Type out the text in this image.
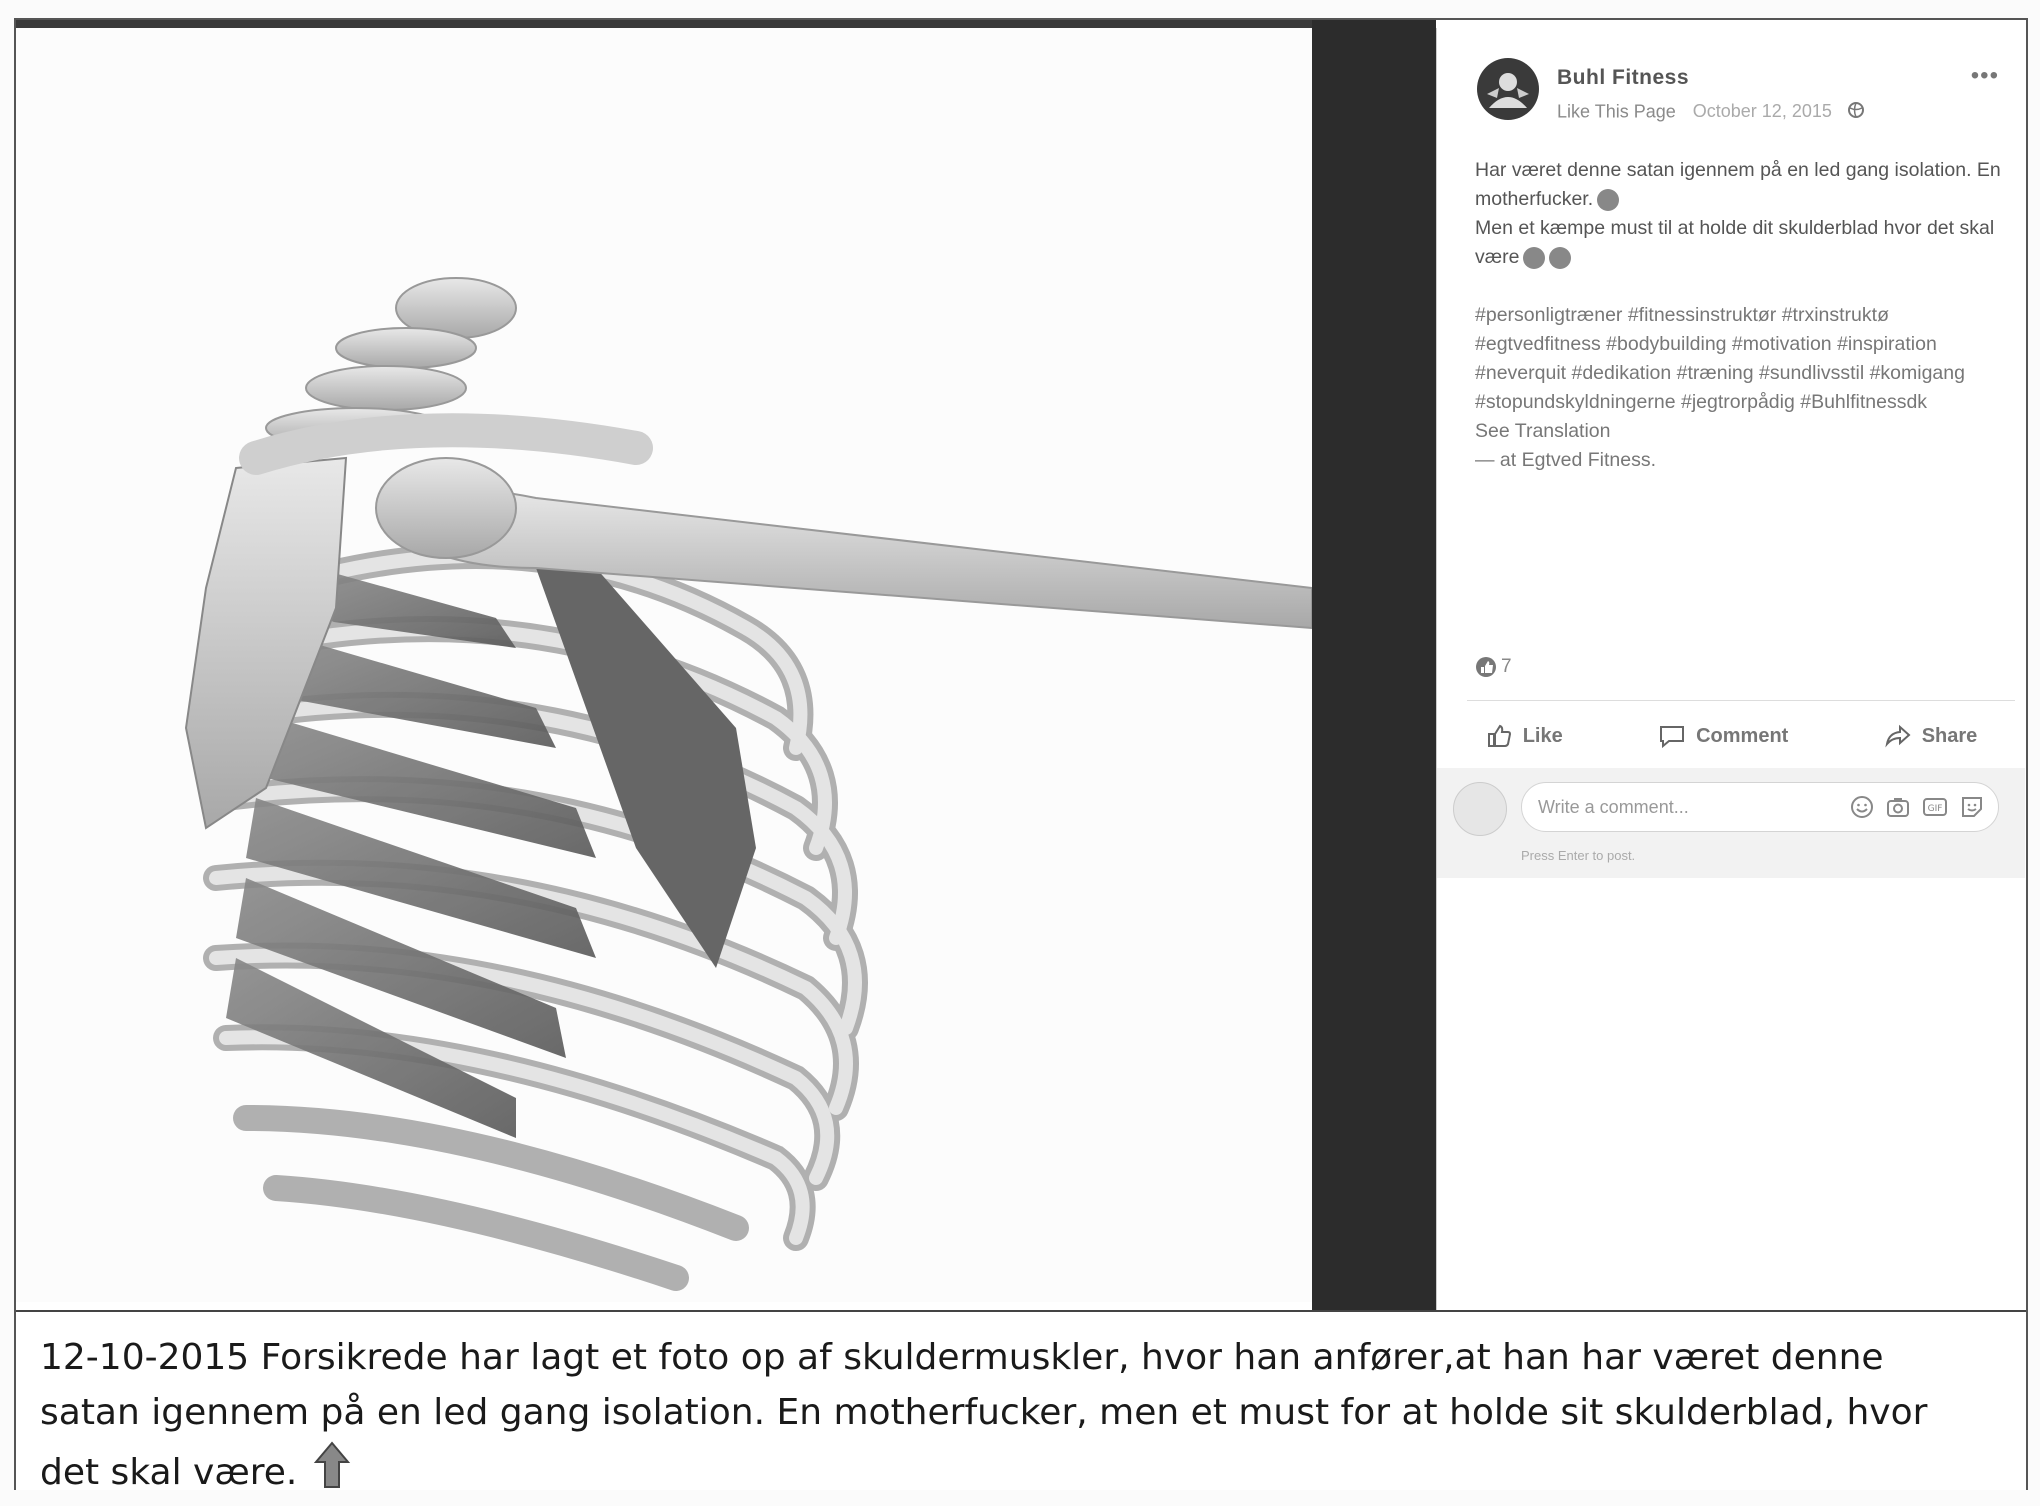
Buhl Fitness
Like This Page October 12, 2015
•••

Har været denne satan igennem på en led gang isolation. En motherfucker.

Men et kæmpe must til at holde dit skulderblad hvor det skal være

#personligtræner #fitnessinstruktør #trxinstruktø #egtvedfitness #bodybuilding #motivation #inspiration #neverquit #dedikation #træning #sundlivsstil #komigang #stopundskyldningerne #jegtrorpådig #Buhlfitnessdk

See Translation

— at Egtved Fitness.

7
Like	Comment	Share
Write a comment...	GIF
Press Enter to post.
12-10-2015 Forsikrede har lagt et foto op af skuldermuskler, hvor han anfører,at han har været denne
satan igennem på en led gang isolation. En motherfucker, men et must for at holde sit skulderblad, hvor
det skal være.
